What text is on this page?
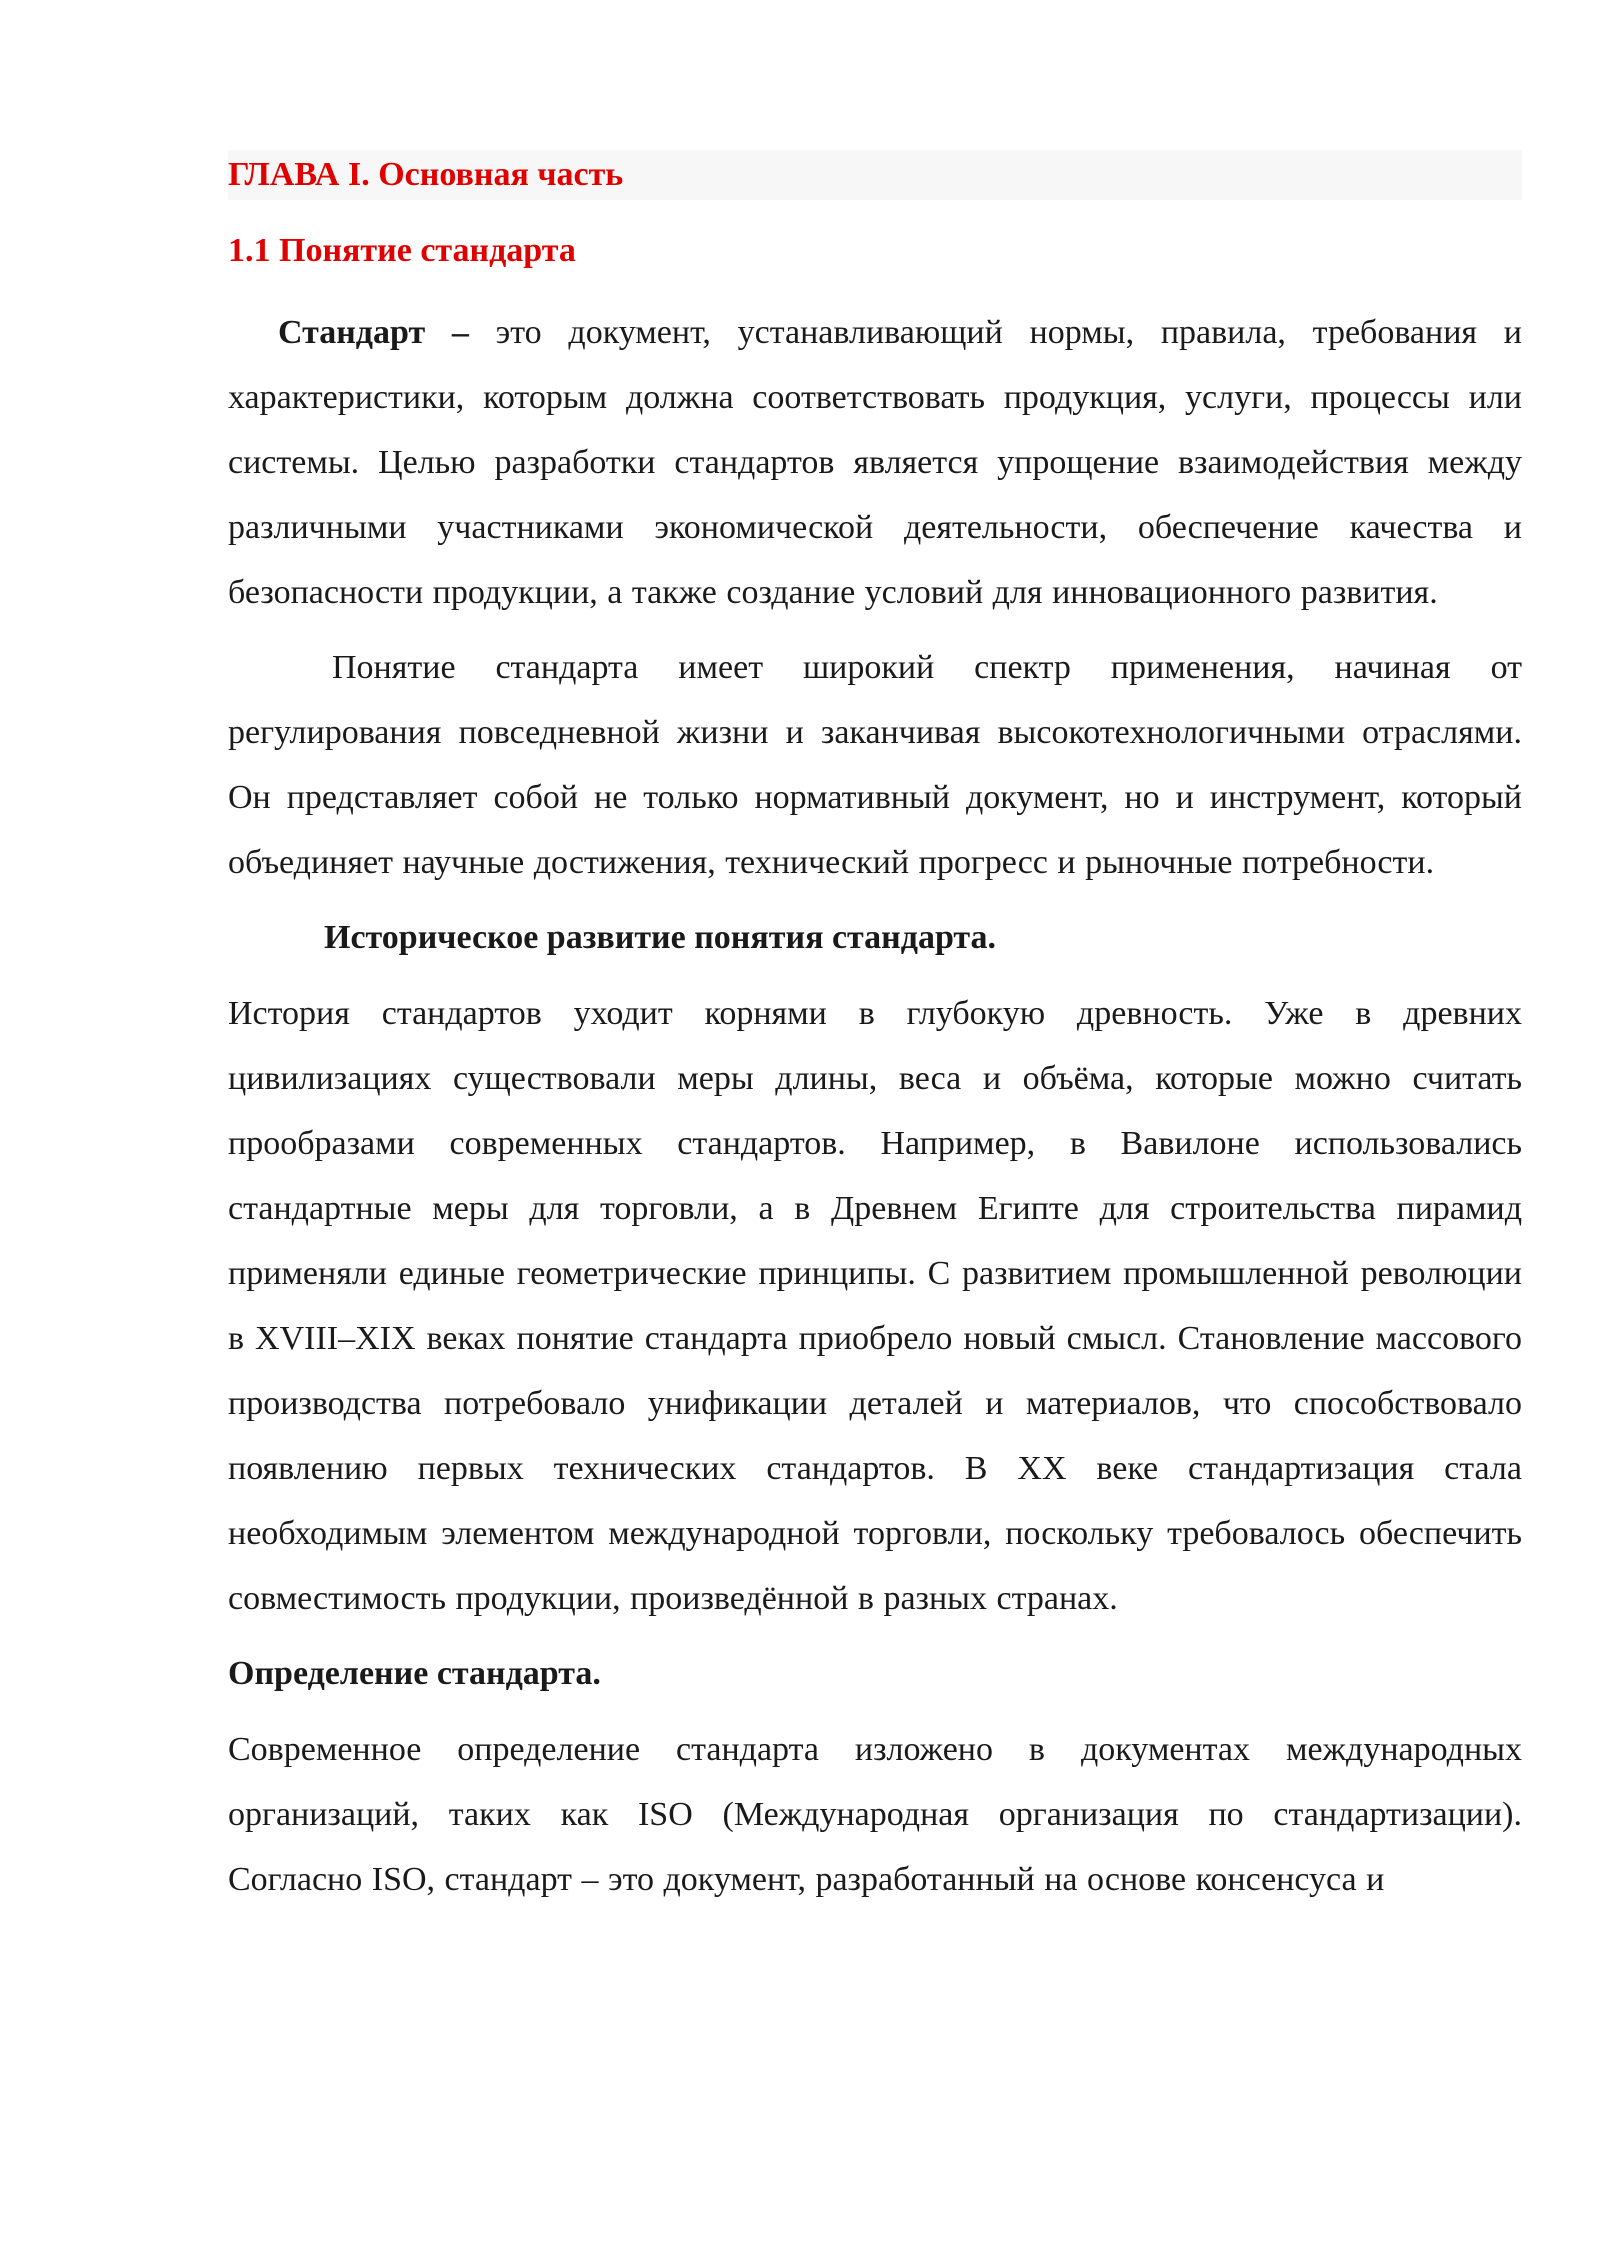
ГЛАВА I. Основная часть
1.1 Понятие стандарта

Стандарт – это документ, устанавливающий нормы, правила, требования и характеристики, которым должна соответствовать продукция, услуги, процессы или системы. Целью разработки стандартов является упрощение взаимодействия между различными участниками экономической деятельности, обеспечение качества и безопасности продукции, а также создание условий для инновационного развития.

Понятие стандарта имеет широкий спектр применения, начиная от регулирования повседневной жизни и заканчивая высокотехнологичными отраслями. Он представляет собой не только нормативный документ, но и инструмент, который объединяет научные достижения, технический прогресс и рыночные потребности.

Историческое развитие понятия стандарта.

История стандартов уходит корнями в глубокую древность. Уже в древних цивилизациях существовали меры длины, веса и объёма, которые можно считать прообразами современных стандартов. Например, в Вавилоне использовались стандартные меры для торговли, а в Древнем Египте для строительства пирамид применяли единые геометрические принципы. С развитием промышленной революции в XVIII–XIX веках понятие стандарта приобрело новый смысл. Становление массового производства потребовало унификации деталей и материалов, что способствовало появлению первых технических стандартов. В XX веке стандартизация стала необходимым элементом международной торговли, поскольку требовалось обеспечить совместимость продукции, произведённой в разных странах.

Определение стандарта.

Современное определение стандарта изложено в документах международных организаций, таких как ISO (Международная организация по стандартизации). Согласно ISO, стандарт – это документ, разработанный на основе консенсуса и
